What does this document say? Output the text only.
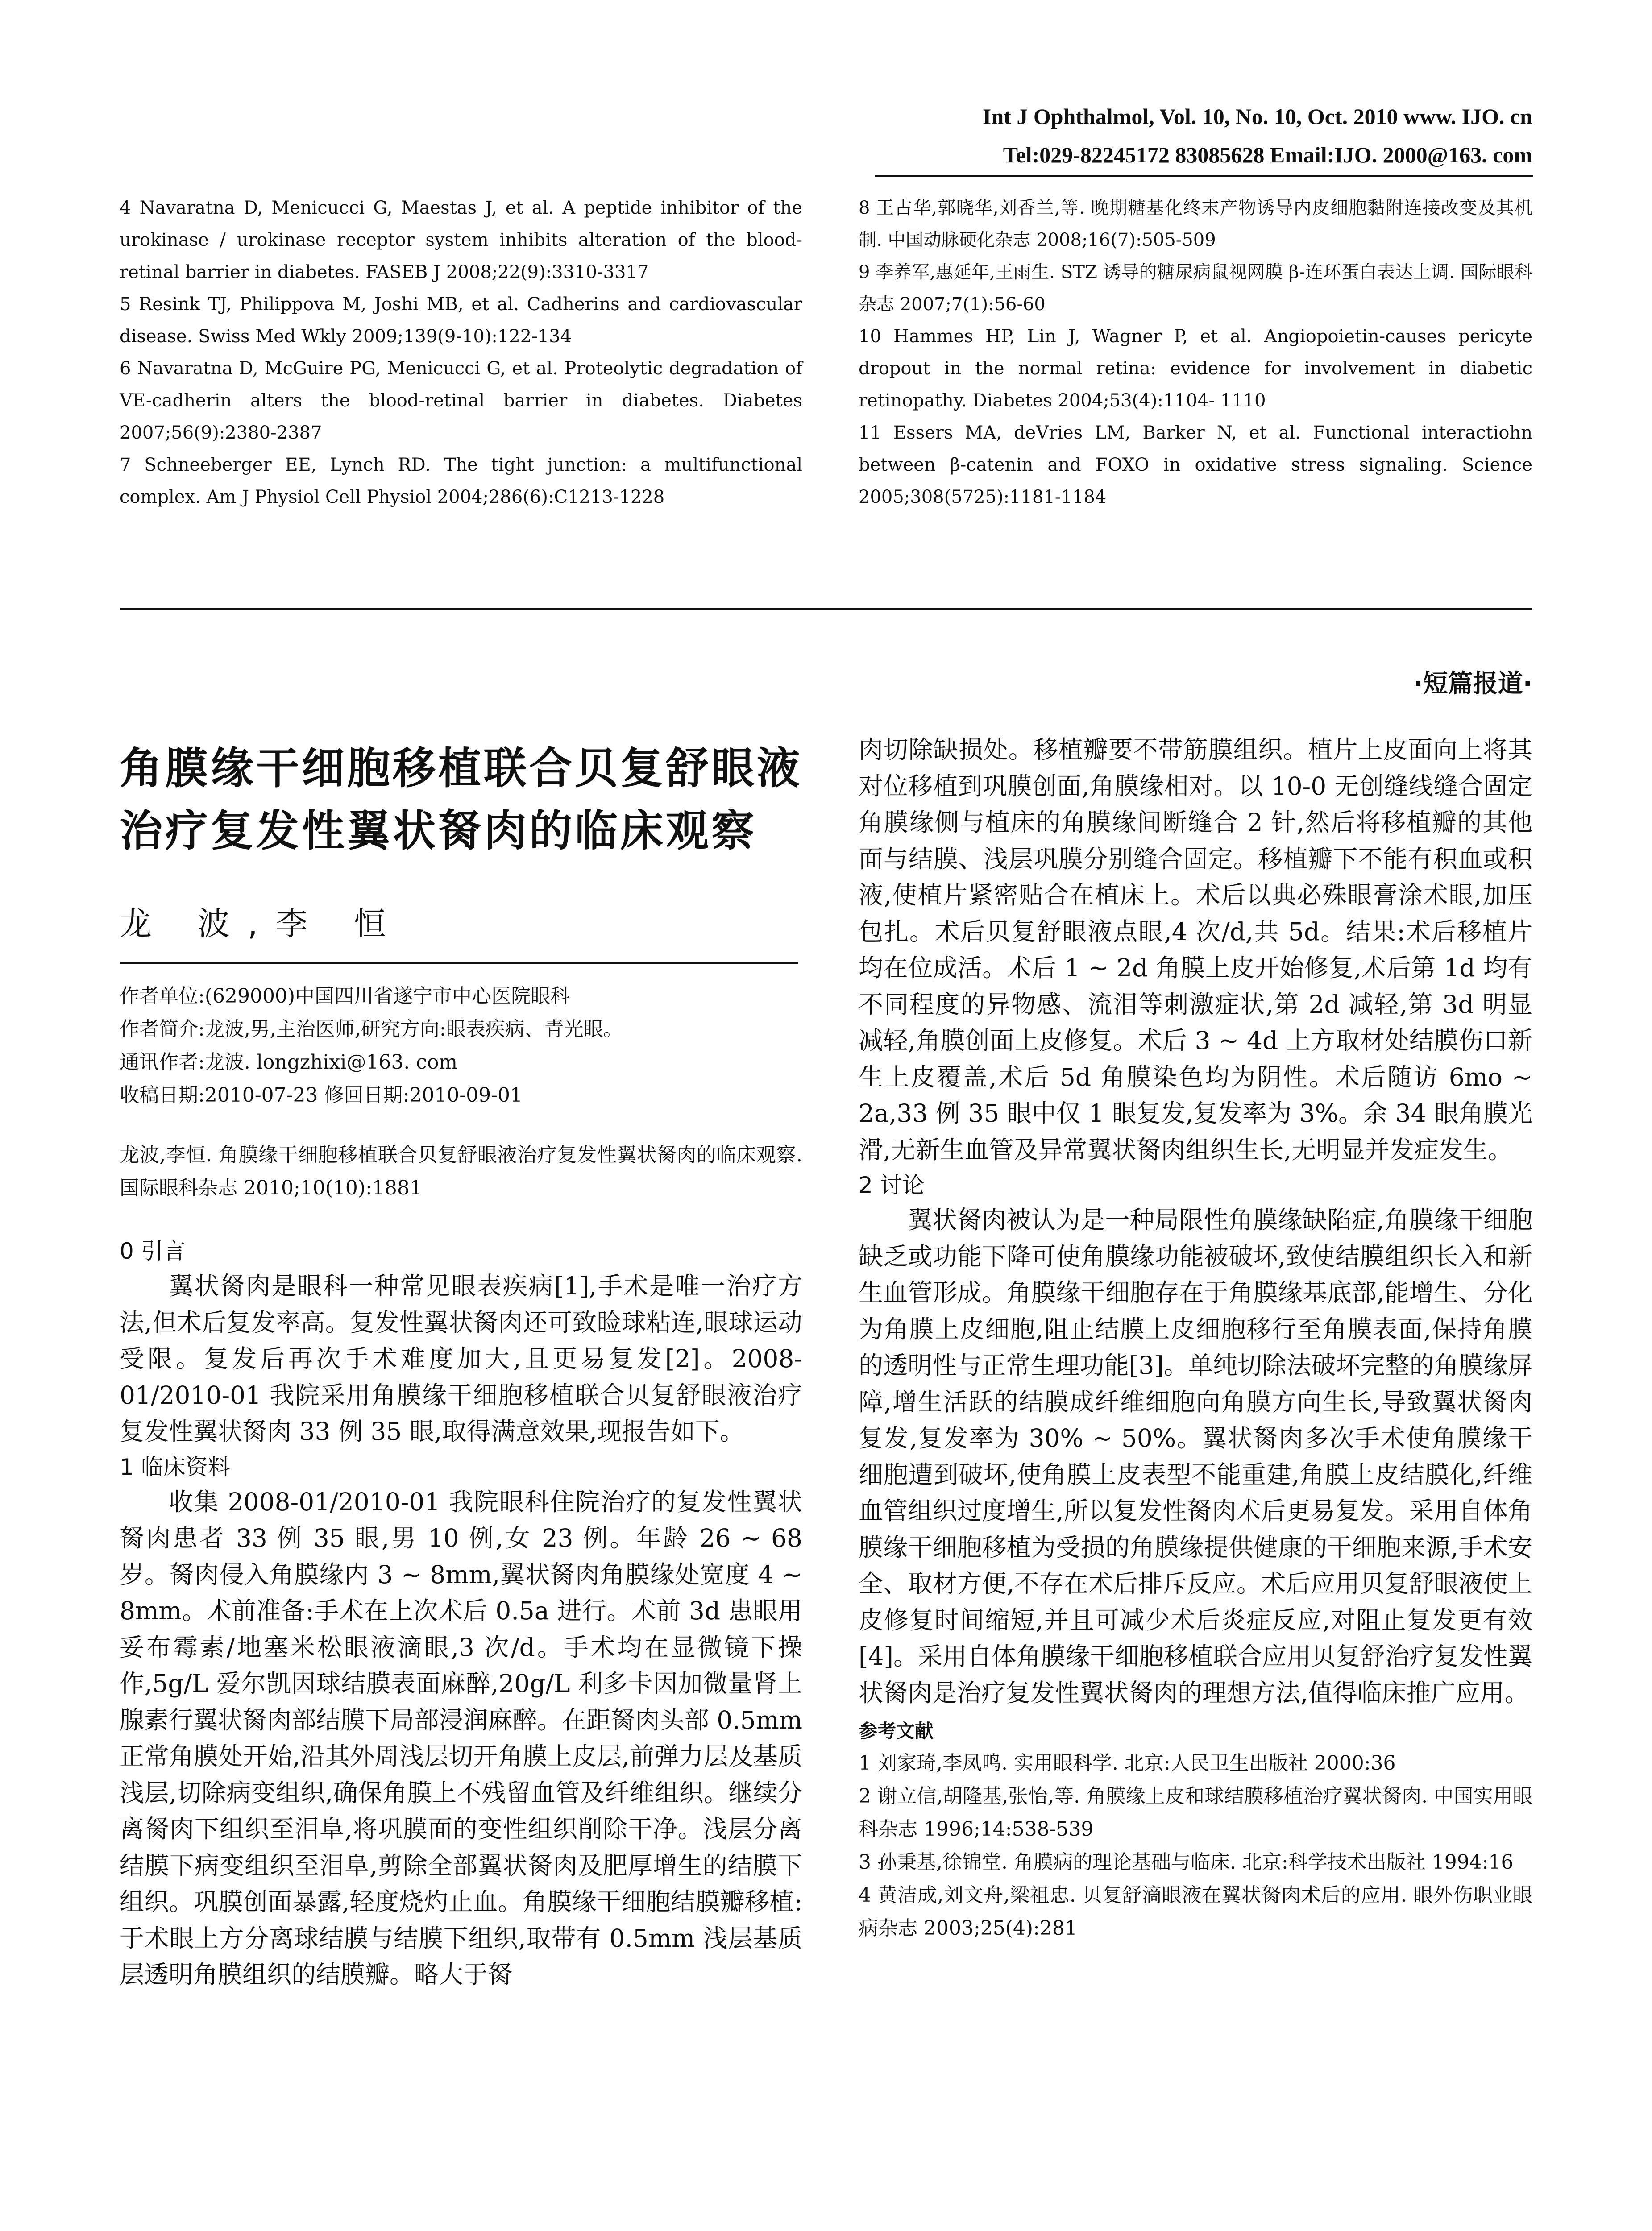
Int J Ophthalmol, Vol. 10, No. 10, Oct. 2010 www. IJO. cn
Tel:029-82245172 83085628 Email:IJO. 2000@163. com

4 Navaratna D, Menicucci G, Maestas J, et al. A peptide inhibitor of the urokinase / urokinase receptor system inhibits alteration of the blood-retinal barrier in diabetes. FASEB J 2008;22(9):3310-3317

5 Resink TJ, Philippova M, Joshi MB, et al. Cadherins and cardiovascular disease. Swiss Med Wkly 2009;139(9-10):122-134

6 Navaratna D, McGuire PG, Menicucci G, et al. Proteolytic degradation of VE-cadherin alters the blood-retinal barrier in diabetes. Diabetes 2007;56(9):2380-2387

7 Schneeberger EE, Lynch RD. The tight junction: a multifunctional complex. Am J Physiol Cell Physiol 2004;286(6):C1213-1228

8 王占华,郭晓华,刘香兰,等. 晚期糖基化终末产物诱导内皮细胞黏附连接改变及其机制. 中国动脉硬化杂志 2008;16(7):505-509

9 李养军,惠延年,王雨生. STZ 诱导的糖尿病鼠视网膜 β-连环蛋白表达上调. 国际眼科杂志 2007;7(1):56-60

10 Hammes HP, Lin J, Wagner P, et al. Angiopoietin-causes pericyte dropout in the normal retina: evidence for involvement in diabetic retinopathy. Diabetes 2004;53(4):1104- 1110

11 Essers MA, deVries LM, Barker N, et al. Functional interactiohn between β-catenin and FOXO in oxidative stress signaling. Science 2005;308(5725):1181-1184

·短篇报道·
角膜缘干细胞移植联合贝复舒眼液治疗复发性翼状胬肉的临床观察

龙 波,李 恒

作者单位:(629000)中国四川省遂宁市中心医院眼科

作者简介:龙波,男,主治医师,研究方向:眼表疾病、青光眼。

通讯作者:龙波. longzhixi@163. com

收稿日期:2010-07-23 修回日期:2010-09-01

龙波,李恒. 角膜缘干细胞移植联合贝复舒眼液治疗复发性翼状胬肉的临床观察. 国际眼科杂志 2010;10(10):1881

0 引言

翼状胬肉是眼科一种常见眼表疾病[1],手术是唯一治疗方法,但术后复发率高。复发性翼状胬肉还可致睑球粘连,眼球运动受限。复发后再次手术难度加大,且更易复发[2]。2008-01/2010-01 我院采用角膜缘干细胞移植联合贝复舒眼液治疗复发性翼状胬肉 33 例 35 眼,取得满意效果,现报告如下。

1 临床资料

收集 2008-01/2010-01 我院眼科住院治疗的复发性翼状胬肉患者 33 例 35 眼,男 10 例,女 23 例。年龄 26 ~ 68 岁。胬肉侵入角膜缘内 3 ~ 8mm,翼状胬肉角膜缘处宽度 4 ~ 8mm。术前准备:手术在上次术后 0.5a 进行。术前 3d 患眼用妥布霉素/地塞米松眼液滴眼,3 次/d。手术均在显微镜下操作,5g/L 爱尔凯因球结膜表面麻醉,20g/L 利多卡因加微量肾上腺素行翼状胬肉部结膜下局部浸润麻醉。在距胬肉头部 0.5mm 正常角膜处开始,沿其外周浅层切开角膜上皮层,前弹力层及基质浅层,切除病变组织,确保角膜上不残留血管及纤维组织。继续分离胬肉下组织至泪阜,将巩膜面的变性组织削除干净。浅层分离结膜下病变组织至泪阜,剪除全部翼状胬肉及肥厚增生的结膜下组织。巩膜创面暴露,轻度烧灼止血。角膜缘干细胞结膜瓣移植:于术眼上方分离球结膜与结膜下组织,取带有 0.5mm 浅层基质层透明角膜组织的结膜瓣。略大于胬

肉切除缺损处。移植瓣要不带筋膜组织。植片上皮面向上将其对位移植到巩膜创面,角膜缘相对。以 10-0 无创缝线缝合固定角膜缘侧与植床的角膜缘间断缝合 2 针,然后将移植瓣的其他面与结膜、浅层巩膜分别缝合固定。移植瓣下不能有积血或积液,使植片紧密贴合在植床上。术后以典必殊眼膏涂术眼,加压包扎。术后贝复舒眼液点眼,4 次/d,共 5d。结果:术后移植片均在位成活。术后 1 ~ 2d 角膜上皮开始修复,术后第 1d 均有不同程度的异物感、流泪等刺激症状,第 2d 减轻,第 3d 明显减轻,角膜创面上皮修复。术后 3 ~ 4d 上方取材处结膜伤口新生上皮覆盖,术后 5d 角膜染色均为阴性。术后随访 6mo ~ 2a,33 例 35 眼中仅 1 眼复发,复发率为 3%。余 34 眼角膜光滑,无新生血管及异常翼状胬肉组织生长,无明显并发症发生。

2 讨论

翼状胬肉被认为是一种局限性角膜缘缺陷症,角膜缘干细胞缺乏或功能下降可使角膜缘功能被破坏,致使结膜组织长入和新生血管形成。角膜缘干细胞存在于角膜缘基底部,能增生、分化为角膜上皮细胞,阻止结膜上皮细胞移行至角膜表面,保持角膜的透明性与正常生理功能[3]。单纯切除法破坏完整的角膜缘屏障,增生活跃的结膜成纤维细胞向角膜方向生长,导致翼状胬肉复发,复发率为 30% ~ 50%。翼状胬肉多次手术使角膜缘干细胞遭到破坏,使角膜上皮表型不能重建,角膜上皮结膜化,纤维血管组织过度增生,所以复发性胬肉术后更易复发。采用自体角膜缘干细胞移植为受损的角膜缘提供健康的干细胞来源,手术安全、取材方便,不存在术后排斥反应。术后应用贝复舒眼液使上皮修复时间缩短,并且可减少术后炎症反应,对阻止复发更有效[4]。采用自体角膜缘干细胞移植联合应用贝复舒治疗复发性翼状胬肉是治疗复发性翼状胬肉的理想方法,值得临床推广应用。

参考文献

1 刘家琦,李凤鸣. 实用眼科学. 北京:人民卫生出版社 2000:36

2 谢立信,胡隆基,张怡,等. 角膜缘上皮和球结膜移植治疗翼状胬肉. 中国实用眼科杂志 1996;14:538-539

3 孙秉基,徐锦堂. 角膜病的理论基础与临床. 北京:科学技术出版社 1994:16

4 黄洁成,刘文舟,梁祖忠. 贝复舒滴眼液在翼状胬肉术后的应用. 眼外伤职业眼病杂志 2003;25(4):281
